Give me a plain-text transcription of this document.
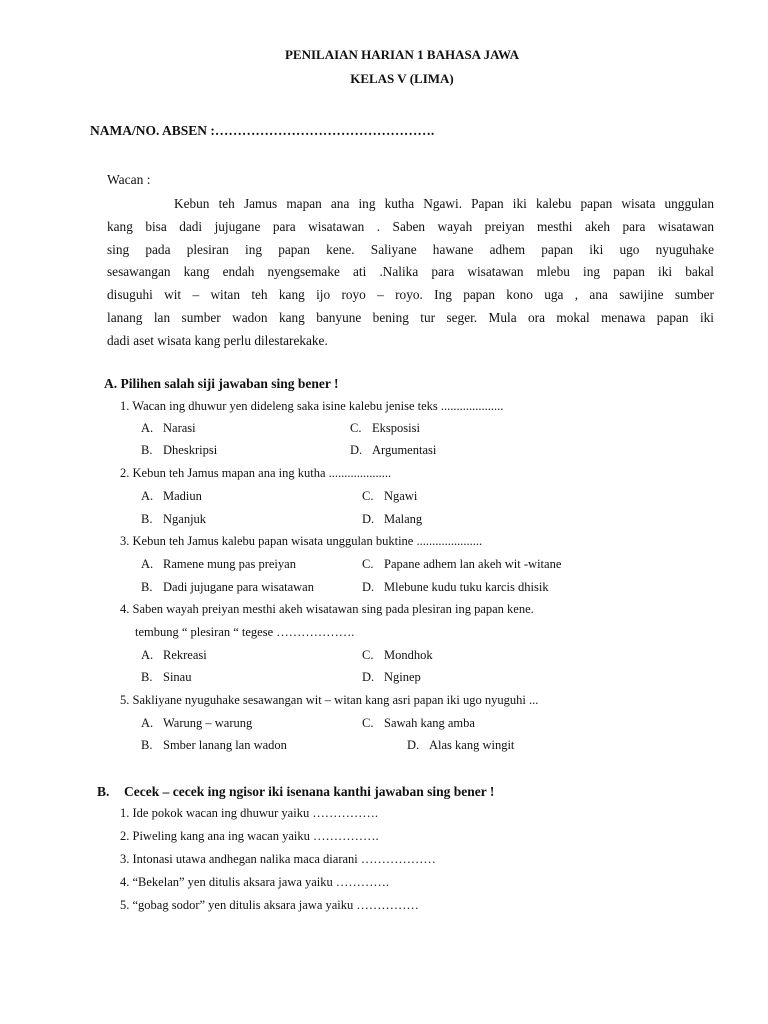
PENILAIAN HARIAN 1 BAHASA JAWA
KELAS V (LIMA)
NAMA/NO. ABSEN :………………………………………….
Wacan :
Kebun teh Jamus mapan ana ing kutha Ngawi. Papan iki kalebu papan wisata unggulan
kang bisa dadi jujugane para wisatawan . Saben wayah preiyan mesthi akeh para wisatawan
sing pada plesiran ing papan kene. Saliyane hawane adhem papan iki ugo nyuguhake
sesawangan kang endah nyengsemake ati .Nalika para wisatawan mlebu ing papan iki bakal
disuguhi wit – witan teh kang ijo royo – royo. Ing papan kono uga , ana sawijine sumber
lanang lan sumber wadon kang banyune bening tur seger. Mula ora mokal menawa papan iki
dadi aset wisata kang perlu dilestarekake.
A. Pilihen salah siji jawaban sing bener !
1. Wacan ing dhuwur yen dideleng saka isine kalebu jenise teks ....................
A. Narasi	C. Eksposisi
B. Dheskripsi	D. Argumentasi
2. Kebun teh Jamus mapan ana ing kutha ....................
A. Madiun	C. Ngawi
B. Nganjuk	D. Malang
3. Kebun teh Jamus kalebu papan wisata unggulan buktine .....................
A. Ramene mung pas preiyan	C. Papane adhem lan akeh wit -witane
B. Dadi jujugane para wisatawan	D. Mlebune kudu tuku karcis dhisik
4. Saben wayah preiyan mesthi akeh wisatawan sing pada plesiran ing papan kene.
tembung “ plesiran “ tegese ……………….
A. Rekreasi	C. Mondhok
B. Sinau	D. Nginep
5. Sakliyane nyuguhake sesawangan wit – witan kang asri papan iki ugo nyuguhi ...
A. Warung – warung	C. Sawah kang amba
B. Smber lanang lan wadon	D. Alas kang wingit
B. Cecek – cecek ing ngisor iki isenana kanthi jawaban sing bener !
1. Ide pokok wacan ing dhuwur yaiku …………….
2. Piweling kang ana ing wacan yaiku …………….
3. Intonasi utawa andhegan nalika maca diarani ………………
4. “Bekelan” yen ditulis aksara jawa yaiku ………….
5. “gobag sodor” yen ditulis aksara jawa yaiku ……………
